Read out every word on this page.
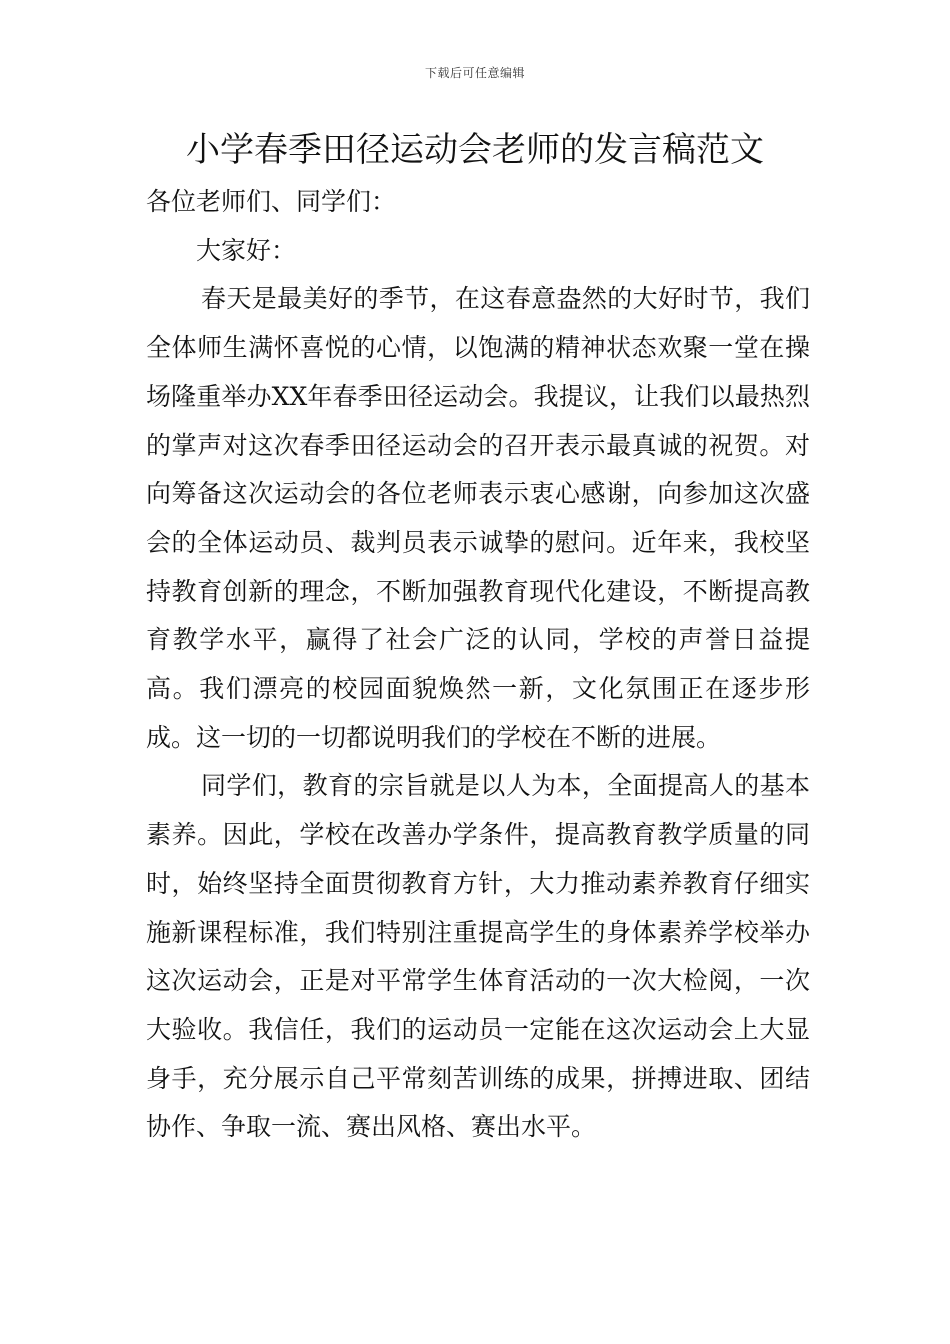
下载后可任意编辑
小学春季田径运动会老师的发言稿范文

各位老师们、同学们：

大家好：

春天是最美好的季节，在这春意盎然的大好时节，我们全体师生满怀喜悦的心情，以饱满的精神状态欢聚一堂在操场隆重举办XX年春季田径运动会。我提议，让我们以最热烈的掌声对这次春季田径运动会的召开表示最真诚的祝贺。对向筹备这次运动会的各位老师表示衷心感谢，向参加这次盛会的全体运动员、裁判员表示诚挚的慰问。近年来，我校坚持教育创新的理念，不断加强教育现代化建设，不断提高教育教学水平，赢得了社会广泛的认同，学校的声誉日益提高。我们漂亮的校园面貌焕然一新，文化氛围正在逐步形成。这一切的一切都说明我们的学校在不断的进展。

同学们，教育的宗旨就是以人为本，全面提高人的基本素养。因此，学校在改善办学条件，提高教育教学质量的同时，始终坚持全面贯彻教育方针，大力推动素养教育仔细实施新课程标准，我们特别注重提高学生的身体素养学校举办这次运动会，正是对平常学生体育活动的一次大检阅，一次大验收。我信任，我们的运动员一定能在这次运动会上大显身手，充分展示自己平常刻苦训练的成果，拼搏进取、团结协作、争取一流、赛出风格、赛出水平。
